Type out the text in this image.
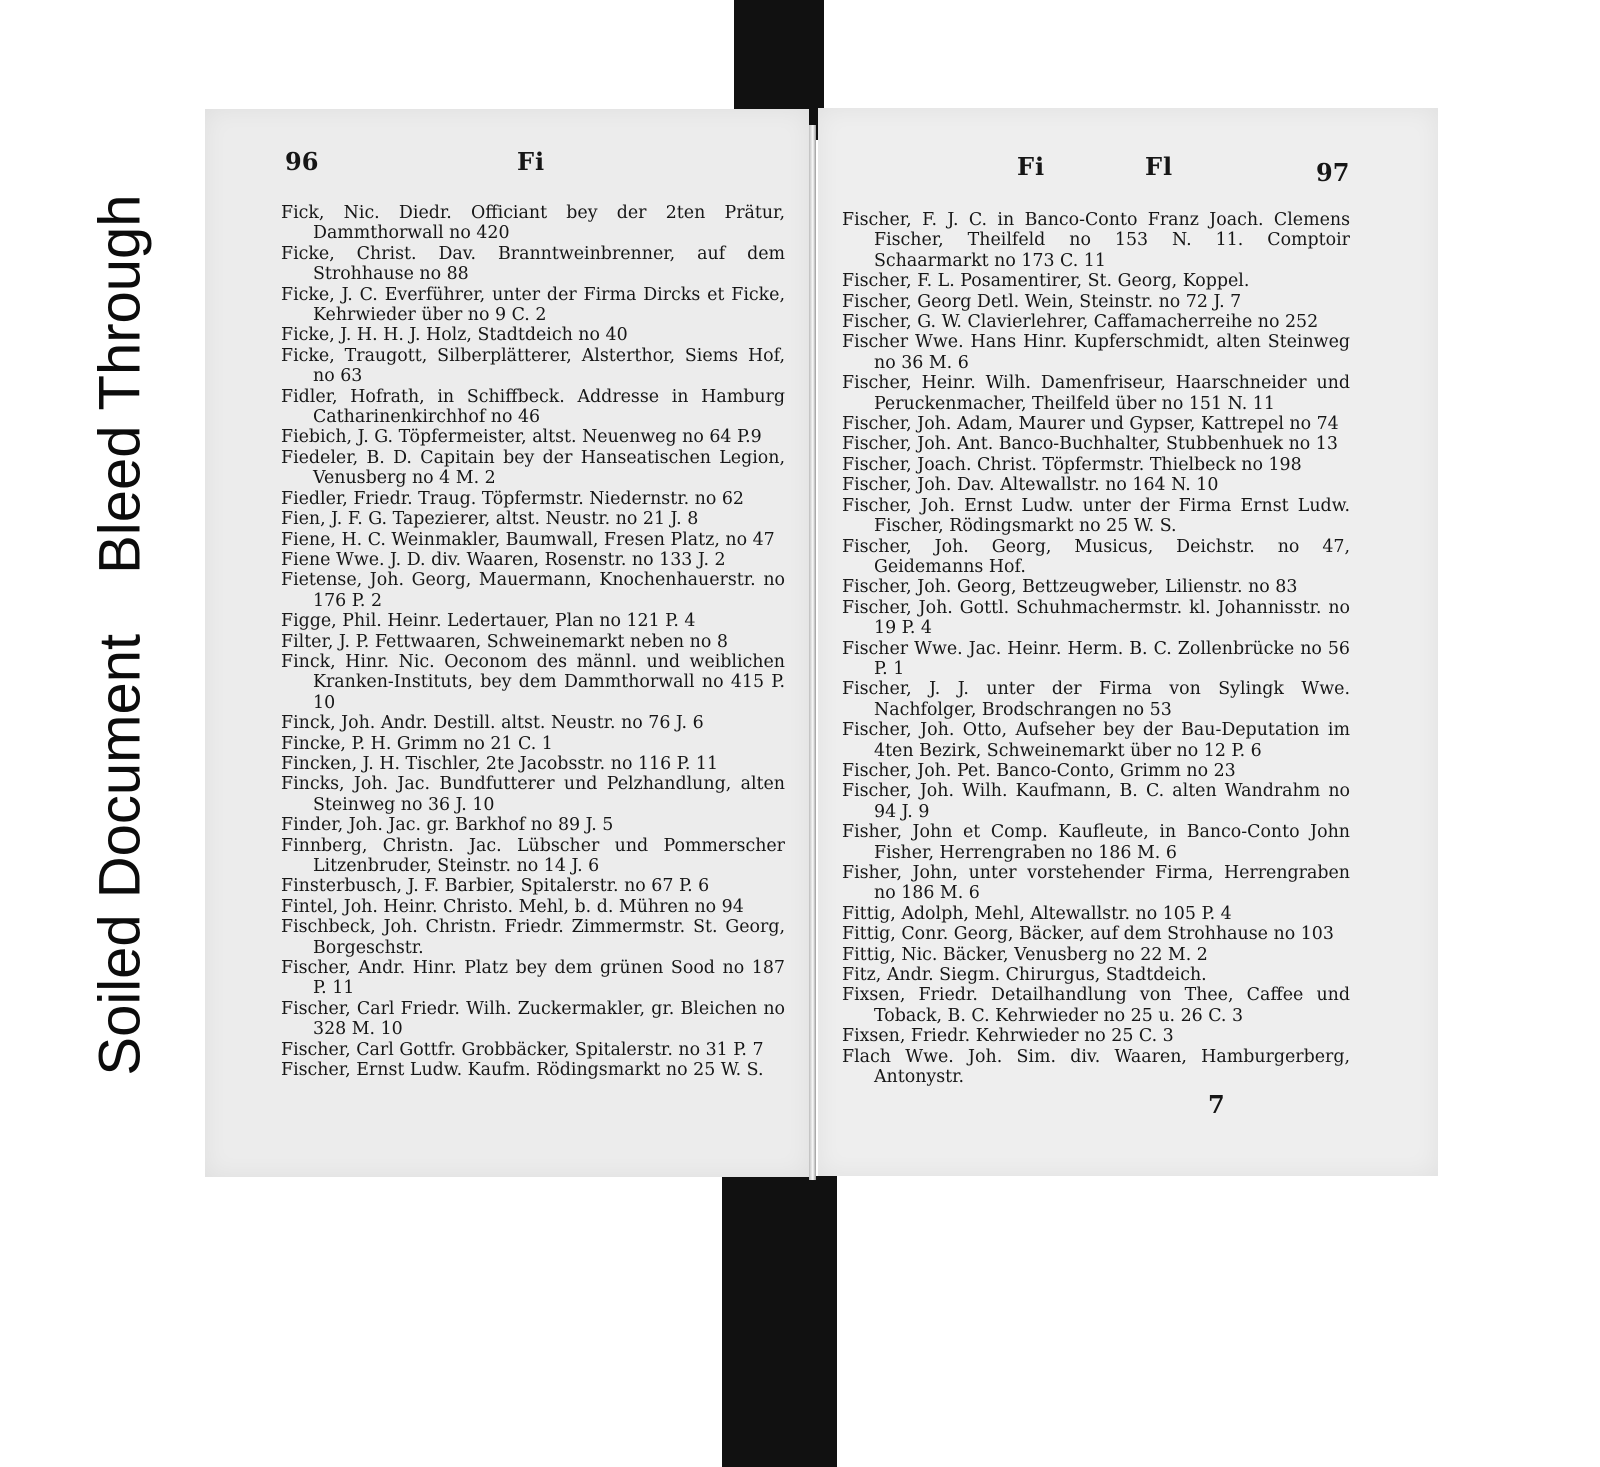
Soiled DocumentBleed Through
96	Fi
Fick, Nic. Diedr. Officiant bey der 2ten Prätur, Dammthorwall no 420
Ficke, Christ. Dav. Branntweinbrenner, auf dem Strohhause no 88
Ficke, J. C. Everführer, unter der Firma Dircks et Ficke, Kehrwieder über no 9 C. 2
Ficke, J. H. H. J. Holz, Stadtdeich no 40
Ficke, Traugott, Silberplätterer, Alsterthor, Siems Hof, no 63
Fidler, Hofrath, in Schiffbeck. Addresse in Hamburg Catharinenkirchhof no 46
Fiebich, J. G. Töpfermeister, altst. Neuenweg no 64 P.9
Fiedeler, B. D. Capitain bey der Hanseatischen Legion, Venusberg no 4 M. 2
Fiedler, Friedr. Traug. Töpfermstr. Niedernstr. no 62
Fien, J. F. G. Tapezierer, altst. Neustr. no 21 J. 8
Fiene, H. C. Weinmakler, Baumwall, Fresen Platz, no 47
Fiene Wwe. J. D. div. Waaren, Rosenstr. no 133 J. 2
Fietense, Joh. Georg, Mauermann, Knochenhauerstr. no 176 P. 2
Figge, Phil. Heinr. Ledertauer, Plan no 121 P. 4
Filter, J. P. Fettwaaren, Schweinemarkt neben no 8
Finck, Hinr. Nic. Oeconom des männl. und weiblichen Kranken-Instituts, bey dem Dammthorwall no 415 P. 10
Finck, Joh. Andr. Destill. altst. Neustr. no 76 J. 6
Fincke, P. H. Grimm no 21 C. 1
Fincken, J. H. Tischler, 2te Jacobsstr. no 116 P. 11
Fincks, Joh. Jac. Bundfutterer und Pelzhandlung, alten Steinweg no 36 J. 10
Finder, Joh. Jac. gr. Barkhof no 89 J. 5
Finnberg, Christn. Jac. Lübscher und Pommerscher Litzenbruder, Steinstr. no 14 J. 6
Finsterbusch, J. F. Barbier, Spitalerstr. no 67 P. 6
Fintel, Joh. Heinr. Christo. Mehl, b. d. Mühren no 94
Fischbeck, Joh. Christn. Friedr. Zimmermstr. St. Georg, Borgeschstr.
Fischer, Andr. Hinr. Platz bey dem grünen Sood no 187 P. 11
Fischer, Carl Friedr. Wilh. Zuckermakler, gr. Bleichen no 328 M. 10
Fischer, Carl Gottfr. Grobbäcker, Spitalerstr. no 31 P. 7
Fischer, Ernst Ludw. Kaufm. Rödingsmarkt no 25 W. S.
Fi	Fl	97
Fischer, F. J. C. in Banco-Conto Franz Joach. Clemens Fischer, Theilfeld no 153 N. 11. Comptoir Schaarmarkt no 173 C. 11
Fischer, F. L. Posamentirer, St. Georg, Koppel.
Fischer, Georg Detl. Wein, Steinstr. no 72 J. 7
Fischer, G. W. Clavierlehrer, Caffamacherreihe no 252
Fischer Wwe. Hans Hinr. Kupferschmidt, alten Steinweg no 36 M. 6
Fischer, Heinr. Wilh. Damenfriseur, Haarschneider und Peruckenmacher, Theilfeld über no 151 N. 11
Fischer, Joh. Adam, Maurer und Gypser, Kattrepel no 74
Fischer, Joh. Ant. Banco-Buchhalter, Stubbenhuek no 13
Fischer, Joach. Christ. Töpfermstr. Thielbeck no 198
Fischer, Joh. Dav. Altewallstr. no 164 N. 10
Fischer, Joh. Ernst Ludw. unter der Firma Ernst Ludw. Fischer, Rödingsmarkt no 25 W. S.
Fischer, Joh. Georg, Musicus, Deichstr. no 47, Geidemanns Hof.
Fischer, Joh. Georg, Bettzeugweber, Lilienstr. no 83
Fischer, Joh. Gottl. Schuhmachermstr. kl. Johannisstr. no 19 P. 4
Fischer Wwe. Jac. Heinr. Herm. B. C. Zollenbrücke no 56 P. 1
Fischer, J. J. unter der Firma von Sylingk Wwe. Nachfolger, Brodschrangen no 53
Fischer, Joh. Otto, Aufseher bey der Bau-Deputation im 4ten Bezirk, Schweinemarkt über no 12 P. 6
Fischer, Joh. Pet. Banco-Conto, Grimm no 23
Fischer, Joh. Wilh. Kaufmann, B. C. alten Wandrahm no 94 J. 9
Fisher, John et Comp. Kaufleute, in Banco-Conto John Fisher, Herrengraben no 186 M. 6
Fisher, John, unter vorstehender Firma, Herrengraben no 186 M. 6
Fittig, Adolph, Mehl, Altewallstr. no 105 P. 4
Fittig, Conr. Georg, Bäcker, auf dem Strohhause no 103
Fittig, Nic. Bäcker, Venusberg no 22 M. 2
Fitz, Andr. Siegm. Chirurgus, Stadtdeich.
Fixsen, Friedr. Detailhandlung von Thee, Caffee und Toback, B. C. Kehrwieder no 25 u. 26 C. 3
Fixsen, Friedr. Kehrwieder no 25 C. 3
Flach Wwe. Joh. Sim. div. Waaren, Hamburgerberg, Antonystr.
7
